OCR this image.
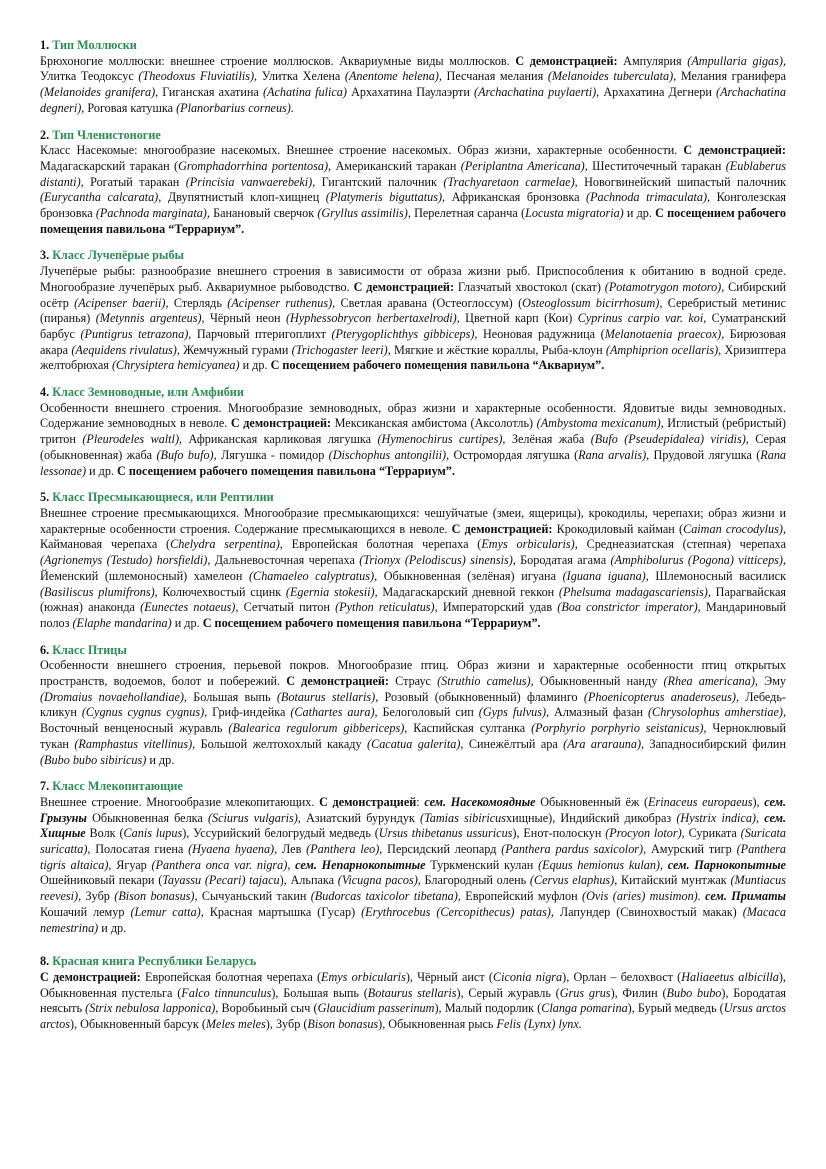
1. Тип Моллюски

Брюхоногие моллюски: внешнее строение моллюсков. Аквариумные виды моллюсков. С демонстрацией: Ампулярия (Ampullaria gigas), Улитка Теодоксус (Theodoxus Fluviatilis), Улитка Хелена (Anentome helena), Песчаная мелания (Melanoides tuberculata), Мелания гранифера (Melanoides granifera), Гиганская ахатина (Achatina fulica) Архахатина Паулаэрти (Archachatina puylaerti), Архахатина Дегнери (Archachatina degneri), Роговая катушка (Planorbarius corneus).

2. Тип Членистоногие

Класс Насекомые: многообразие насекомых. Внешнее строение насекомых. Образ жизни, характерные особенности. С демонстрацией: Мадагаскарский таракан (Gromphadorrhina portentosa), Американский таракан (Periplantna Americana), Шеститочечный таракан (Eublaberus distanti), Рогатый таракан (Princisia vanwaerebeki), Гигантский палочник (Trachyaretaon carmelae), Новогвинейский шипастый палочник (Eurycantha calcarata), Двупятнистый клоп-хищнец (Platymeris biguttatus), Африканская бронзовка (Pachnoda trimaculata), Конголезская бронзовка (Pachnoda marginata), Банановый сверчок (Gryllus assimilis), Перелетная саранча (Locusta migratoria) и др. С посещением рабочего помещения павильона “Террариум”.

3. Класс Лучепёрые рыбы

Лучепёрые рыбы: разнообразие внешнего строения в зависимости от образа жизни рыб. Приспособления к обитанию в водной среде. Многообразие лучепёрых рыб. Аквариумное рыбоводство. С демонстрацией: Глазчатый хвостокол (скат) (Potamotrygon motoro), Сибирский осётр (Acipenser baerii), Стерлядь (Acipenser ruthenus), Светлая аравана (Остеоглоссум) (Osteoglossum bicirrhosum), Серебристый метинис (пиранья) (Metynnis argenteus), Чёрный неон (Hyphessobrycon herbertaxelrodi), Цветной карп (Кои) Cyprinus carpio var. koi, Суматранский барбус (Puntigrus tetrazona), Парчовый птеригоплихт (Pterygoplichthys gibbiceps), Неоновая радужница (Melanotaenia praecox), Бирюзовая акара (Aequidens rivulatus), Жемчужный гурами (Trichogaster leeri), Мягкие и жёсткие кораллы, Рыба-клоун (Amphiprion ocellaris), Хризиптера желтобрюхая (Chrysiptera hemicyanea) и др. С посещением рабочего помещения павильона “Аквариум”.

4. Класс Земноводные, или Амфибии

Особенности внешнего строения. Многообразие земноводных, образ жизни и характерные особенности. Ядовитые виды земноводных. Содержание земноводных в неволе. С демонстрацией: Мексиканская амбистома (Аксолотль) (Ambystoma mexicanum), Иглистый (ребристый) тритон (Pleurodeles waltl), Африканская карликовая лягушка (Hymenochirus curtipes), Зелёная жаба (Bufo (Pseudepidalea) viridis), Серая (обыкновенная) жаба (Bufo bufo), Лягушка - помидор (Dischophus antongilii), Остромордая лягушка (Rana arvalis), Прудовой лягушка (Rana lessonae) и др. С посещением рабочего помещения павильона “Террариум”.

5. Класс Пресмыкающиеся, или Рептилии

Внешнее строение пресмыкающихся. Многообразие пресмыкающихся: чешуйчатые (змеи, ящерицы), крокодилы, черепахи; образ жизни и характерные особенности строения. Содержание пресмыкающихся в неволе. С демонстрацией: Крокодиловый кайман (Caiman crocodylus), Каймановая черепаха (Chelydra serpentina), Европейская болотная черепаха (Emys orbicularis), Среднеазиатская (степная) черепаха (Agrionemys (Testudo) horsfieldi), Дальневосточная черепаха (Trionyx (Pelodiscus) sinensis), Бородатая агама (Amphibolurus (Pogona) vitticeps), Йеменский (шлемоносный) хамелеон (Chamaeleo calyptratus), Обыкновенная (зелёная) игуана (Iguana iguana), Шлемоносный василиск (Basiliscus plumifrons), Колючехвостый сцинк (Egernia stokesii), Мадагаскарский дневной геккон (Phelsuma madagascariensis), Парагвайская (южная) анаконда (Eunectes notaeus), Сетчатый питон (Python reticulatus), Императорский удав (Boa constrictor imperator), Мандариновый полоз (Elaphe mandarina) и др. С посещением рабочего помещения павильона “Террариум”.

6. Класс Птицы

Особенности внешнего строения, перьевой покров. Многообразие птиц. Образ жизни и характерные особенности птиц открытых пространств, водоемов, болот и побережий. С демонстрацией: Страус (Struthio camelus), Обыкновенный нанду (Rhea americana), Эму (Dromaius novaehollandiae), Большая выпь (Botaurus stellaris), Розовый (обыкновенный) фламинго (Phoenicopterus anaderoseus), Лебедь-кликун (Cygnus cygnus cygnus), Гриф-индейка (Cathartes aura), Белоголовый сип (Gyps fulvus), Алмазный фазан (Chrysolophus amherstiae), Восточный венценосный журавль (Balearica regulorum gibbericeps), Каспийская султанка (Porphyrio porphyrio seistanicus), Черноклювый тукан (Ramphastus vitellinus), Большой желтохохлый какаду (Cacatua galerita), Синежёлтый ара (Ara ararauna), Западносибирский филин (Bubo bubo sibiricus) и др.

7. Класс Млекопитающие

Внешнее строение. Многообразие млекопитающих. С демонстрацией: сем. Насекомоядные Обыкновенный ёж (Erinaceus europaeus), сем. Грызуны Обыкновенная белка (Sciurus vulgaris), Азиатский бурундук (Tamias sibiricusхищные), Индийский дикобраз (Hystrix indica), сем. Хищные Волк (Canis lupus), Уссурийский белогрудый медведь (Ursus thibetanus ussuricus), Енот-полоскун (Procyon lotor), Суриката (Suricata suricatta), Полосатая гиена (Hyaena hyaena), Лев (Panthera leo), Персидский леопард (Panthera pardus saxicolor), Амурский тигр (Panthera tigris altaica), Ягуар (Panthera onca var. nigra), сем. Непарнокопытные Туркменский кулан (Equus hemionus kulan), сем. Парнокопытные Ошейниковый пекари (Tayassu (Pecari) tajacu), Альпака (Vicugna pacos), Благородный олень (Cervus elaphus), Китайский мунтжак (Muntiacus reevesi), Зубр (Bison bonasus), Сычуаньский такин (Budorcas taxicolor tibetana), Европейский муфлон (Ovis (aries) musimon). сем. Приматы Кошачий лемур (Lemur catta), Красная мартышка (Гусар) (Erythrocebus (Cercopithecus) patas), Лапундер (Свинохвостый макак) (Macaca nemestrina) и др.

8. Красная книга Республики Беларусь

С демонстрацией: Европейская болотная черепаха (Emys orbicularis), Чёрный аист (Ciconia nigra), Орлан – белохвост (Haliaeetus albicilla), Обыкновенная пустельга (Falco tinnunculus), Большая выпь (Botaurus stellaris), Серый журавль (Grus grus), Филин (Bubo bubo), Бородатая неясыть (Strix nebulosa lapponica), Воробьиный сыч (Glaucidium passerinum), Малый подорлик (Clanga pomarina), Бурый медведь (Ursus arctos arctos), Обыкновенный барсук (Meles meles), Зубр (Bison bonasus), Обыкновенная рысь Felis (Lynx) lynx.
